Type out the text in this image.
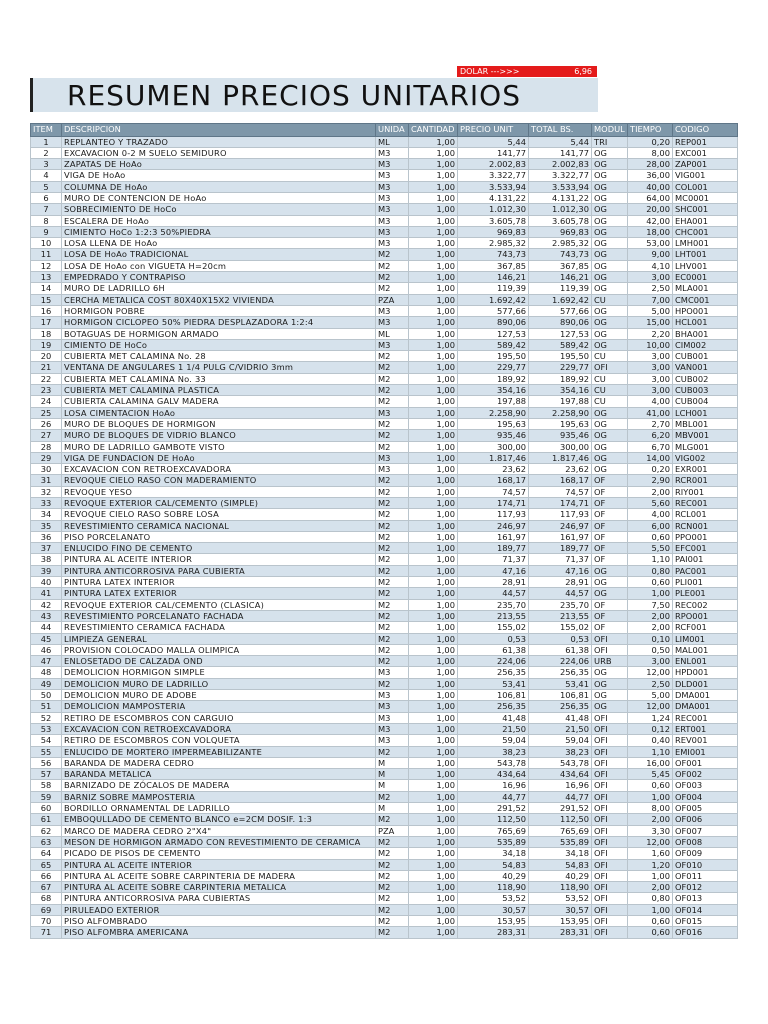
DOLAR --->>>	6,96
RESUMEN PRECIOS UNITARIOS
ITEM	DESCRIPCION	UNIDA	CANTIDAD	PRECIO UNIT	TOTAL BS.	MODUL	TIEMPO	CODIGO
1	REPLANTEO Y TRAZADO	ML	1,00	5,44	5,44	TRI	0,20	REP001
2	EXCAVACION 0-2 M SUELO SEMIDURO	M3	1,00	141,77	141,77	OG	8,00	EXC001
3	ZAPATAS DE HoAo	M3	1,00	2.002,83	2.002,83	OG	28,00	ZAP001
4	VIGA DE HoAo	M3	1,00	3.322,77	3.322,77	OG	36,00	VIG001
5	COLUMNA DE HoAo	M3	1,00	3.533,94	3.533,94	OG	40,00	COL001
6	MURO DE CONTENCION DE HoAo	M3	1,00	4.131,22	4.131,22	OG	64,00	MC0001
7	SOBRECIMIENTO DE HoCo	M3	1,00	1.012,30	1.012,30	OG	20,00	SHC001
8	ESCALERA DE HoAo	M3	1,00	3.605,78	3.605,78	OG	42,00	EHA001
9	CIMIENTO HoCo 1:2:3 50%PIEDRA	M3	1,00	969,83	969,83	OG	18,00	CHC001
10	LOSA LLENA DE HoAo	M3	1,00	2.985,32	2.985,32	OG	53,00	LMH001
11	LOSA DE HoAo TRADICIONAL	M2	1,00	743,73	743,73	OG	9,00	LHT001
12	LOSA DE HoAo con VIGUETA H=20cm	M2	1,00	367,85	367,85	OG	4,10	LHV001
13	EMPEDRADO Y CONTRAPISO	M2	1,00	146,21	146,21	OG	3,00	EC0001
14	MURO DE LADRILLO 6H	M2	1,00	119,39	119,39	OG	2,50	MLA001
15	CERCHA METALICA COST 80X40X15X2 VIVIENDA	PZA	1,00	1.692,42	1.692,42	CU	7,00	CMC001
16	HORMIGON POBRE	M3	1,00	577,66	577,66	OG	5,00	HPO001
17	HORMIGON CICLOPEO 50% PIEDRA DESPLAZADORA 1:2:4	M3	1,00	890,06	890,06	OG	15,00	HCL001
18	BOTAGUAS DE HORMIGON ARMADO	ML	1,00	127,53	127,53	OG	2,20	BHA001
19	CIMIENTO DE HoCo	M3	1,00	589,42	589,42	OG	10,00	CIM002
20	CUBIERTA MET CALAMINA No. 28	M2	1,00	195,50	195,50	CU	3,00	CUB001
21	VENTANA DE ANGULARES 1 1/4 PULG C/VIDRIO 3mm	M2	1,00	229,77	229,77	OFI	3,00	VAN001
22	CUBIERTA MET CALAMINA No. 33	M2	1,00	189,92	189,92	CU	3,00	CUB002
23	CUBIERTA MET CALAMINA PLASTICA	M2	1,00	354,16	354,16	CU	3,00	CUB003
24	CUBIERTA CALAMINA GALV MADERA	M2	1,00	197,88	197,88	CU	4,00	CUB004
25	LOSA CIMENTACION HoAo	M3	1,00	2.258,90	2.258,90	OG	41,00	LCH001
26	MURO DE BLOQUES DE HORMIGON	M2	1,00	195,63	195,63	OG	2,70	MBL001
27	MURO DE BLOQUES DE VIDRIO BLANCO	M2	1,00	935,46	935,46	OG	6,20	MBV001
28	MURO DE LADRILLO GAMBOTE VISTO	M2	1,00	300,00	300,00	OG	6,70	MLG001
29	VIGA DE FUNDACION DE HoAo	M3	1,00	1.817,46	1.817,46	OG	14,00	VIG002
30	EXCAVACION CON RETROEXCAVADORA	M3	1,00	23,62	23,62	OG	0,20	EXR001
31	REVOQUE CIELO RASO CON MADERAMIENTO	M2	1,00	168,17	168,17	OF	2,90	RCR001
32	REVOQUE YESO	M2	1,00	74,57	74,57	OF	2,00	RIY001
33	REVOQUE EXTERIOR CAL/CEMENTO (SIMPLE)	M2	1,00	174,71	174,71	OF	5,60	REC001
34	REVOQUE CIELO RASO SOBRE LOSA	M2	1,00	117,93	117,93	OF	4,00	RCL001
35	REVESTIMIENTO CERAMICA NACIONAL	M2	1,00	246,97	246,97	OF	6,00	RCN001
36	PISO PORCELANATO	M2	1,00	161,97	161,97	OF	0,60	PPO001
37	ENLUCIDO FINO DE CEMENTO	M2	1,00	189,77	189,77	OF	5,50	EFC001
38	PINTURA AL ACEITE INTERIOR	M2	1,00	71,37	71,37	OF	1,10	PAI001
39	PINTURA ANTICORROSIVA PARA CUBIERTA	M2	1,00	47,16	47,16	OG	0,80	PAC001
40	PINTURA LATEX INTERIOR	M2	1,00	28,91	28,91	OG	0,60	PLI001
41	PINTURA LATEX EXTERIOR	M2	1,00	44,57	44,57	OG	1,00	PLE001
42	REVOQUE EXTERIOR CAL/CEMENTO (CLASICA)	M2	1,00	235,70	235,70	OF	7,50	REC002
43	REVESTIMIENTO PORCELANATO FACHADA	M2	1,00	213,55	213,55	OF	2,00	RPO001
44	REVESTIMIENTO CERAMICA FACHADA	M2	1,00	155,02	155,02	OF	2,00	RCF001
45	LIMPIEZA GENERAL	M2	1,00	0,53	0,53	OFI	0,10	LIM001
46	PROVISION COLOCADO MALLA OLIMPICA	M2	1,00	61,38	61,38	OFI	0,50	MAL001
47	ENLOSETADO DE CALZADA OND	M2	1,00	224,06	224,06	URB	3,00	ENL001
48	DEMOLICION HORMIGON SIMPLE	M3	1,00	256,35	256,35	OG	12,00	HPD001
49	DEMOLICION MURO DE LADRILLO	M2	1,00	53,41	53,41	OG	2,50	DLD001
50	DEMOLICION MURO DE ADOBE	M3	1,00	106,81	106,81	OG	5,00	DMA001
51	DEMOLICION MAMPOSTERIA	M3	1,00	256,35	256,35	OG	12,00	DMA001
52	RETIRO DE ESCOMBROS CON CARGUIO	M3	1,00	41,48	41,48	OFI	1,24	REC001
53	EXCAVACION CON RETROEXCAVADORA	M3	1,00	21,50	21,50	OFI	0,12	ERT001
54	RETIRO DE ESCOMBROS CON VOLQUETA	M3	1,00	59,04	59,04	OFI	0,40	REV001
55	ENLUCIDO DE MORTERO IMPERMEABILIZANTE	M2	1,00	38,23	38,23	OFI	1,10	EMI001
56	BARANDA DE MADERA CEDRO	M	1,00	543,78	543,78	OFI	16,00	OF001
57	BARANDA METALICA	M	1,00	434,64	434,64	OFI	5,45	OF002
58	BARNIZADO DE ZÓCALOS DE MADERA	M	1,00	16,96	16,96	OFI	0,60	OF003
59	BARNIZ SOBRE MAMPOSTERIA	M2	1,00	44,77	44,77	OFI	1,00	OF004
60	BORDILLO ORNAMENTAL DE LADRILLO	M	1,00	291,52	291,52	OFI	8,00	OF005
61	EMBOQULLADO DE CEMENTO BLANCO e=2CM DOSIF. 1:3	M2	1,00	112,50	112,50	OFI	2,00	OF006
62	MARCO DE MADERA CEDRO 2"X4"	PZA	1,00	765,69	765,69	OFI	3,30	OF007
63	MESON DE HORMIGON ARMADO CON REVESTIMIENTO DE CERAMICA	M2	1,00	535,89	535,89	OFI	12,00	OF008
64	PICADO DE PISOS DE CEMENTO	M2	1,00	34,18	34,18	OFI	1,60	OF009
65	PINTURA AL ACEITE INTERIOR	M2	1,00	54,83	54,83	OFI	1,20	OF010
66	PINTURA AL ACEITE SOBRE CARPINTERIA DE MADERA	M2	1,00	40,29	40,29	OFI	1,00	OF011
67	PINTURA AL ACEITE SOBRE CARPINTERIA METALICA	M2	1,00	118,90	118,90	OFI	2,00	OF012
68	PINTURA ANTICORROSIVA PARA CUBIERTAS	M2	1,00	53,52	53,52	OFI	0,80	OF013
69	PIRULEADO EXTERIOR	M2	1,00	30,57	30,57	OFI	1,00	OF014
70	PISO ALFOMBRADO	M2	1,00	153,95	153,95	OFI	0,60	OF015
71	PISO ALFOMBRA AMERICANA	M2	1,00	283,31	283,31	OFI	0,60	OF016
